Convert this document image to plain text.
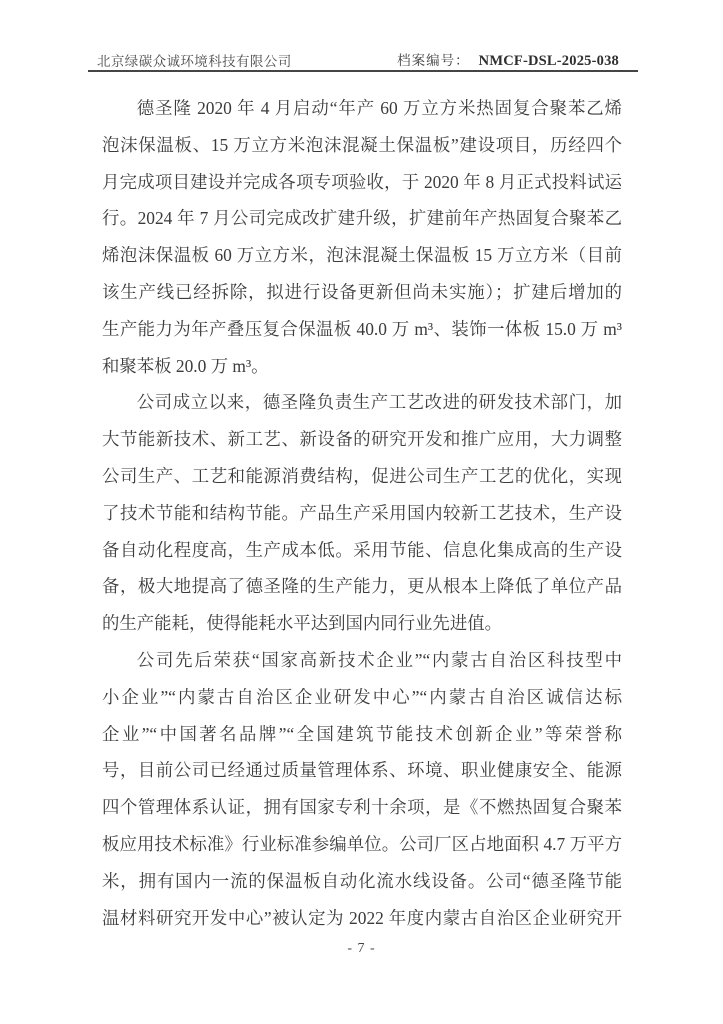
北京绿碳众诚环境科技有限公司	档案编号： NMCF-DSL-2025-038
德圣隆 2020 年 4 月启动“年产 60 万立方米热固复合聚苯乙烯
泡沫保温板、15 万立方米泡沫混凝土保温板”建设项目，历经四个
月完成项目建设并完成各项专项验收，于 2020 年 8 月正式投料试运
行。2024 年 7 月公司完成改扩建升级，扩建前年产热固复合聚苯乙
烯泡沫保温板 60 万立方米，泡沫混凝土保温板 15 万立方米（目前
该生产线已经拆除，拟进行设备更新但尚未实施）；扩建后增加的
生产能力为年产叠压复合保温板 40.0 万 m³、装饰一体板 15.0 万 m³
和聚苯板 20.0 万 m³。
公司成立以来，德圣隆负责生产工艺改进的研发技术部门，加
大节能新技术、新工艺、新设备的研究开发和推广应用，大力调整
公司生产、工艺和能源消费结构，促进公司生产工艺的优化，实现
了技术节能和结构节能。产品生产采用国内较新工艺技术，生产设
备自动化程度高，生产成本低。采用节能、信息化集成高的生产设
备，极大地提高了德圣隆的生产能力，更从根本上降低了单位产品
的生产能耗，使得能耗水平达到国内同行业先进值。
公司先后荣获“国家高新技术企业”“内蒙古自治区科技型中
小企业”“内蒙古自治区企业研发中心”“内蒙古自治区诚信达标
企业”“中国著名品牌”“全国建筑节能技术创新企业”等荣誉称
号，目前公司已经通过质量管理体系、环境、职业健康安全、能源
四个管理体系认证，拥有国家专利十余项，是《不燃热固复合聚苯
板应用技术标准》行业标准参编单位。公司厂区占地面积 4.7 万平方
米，拥有国内一流的保温板自动化流水线设备。公司“德圣隆节能
温材料研究开发中心”被认定为 2022 年度内蒙古自治区企业研究开
- 7 -
